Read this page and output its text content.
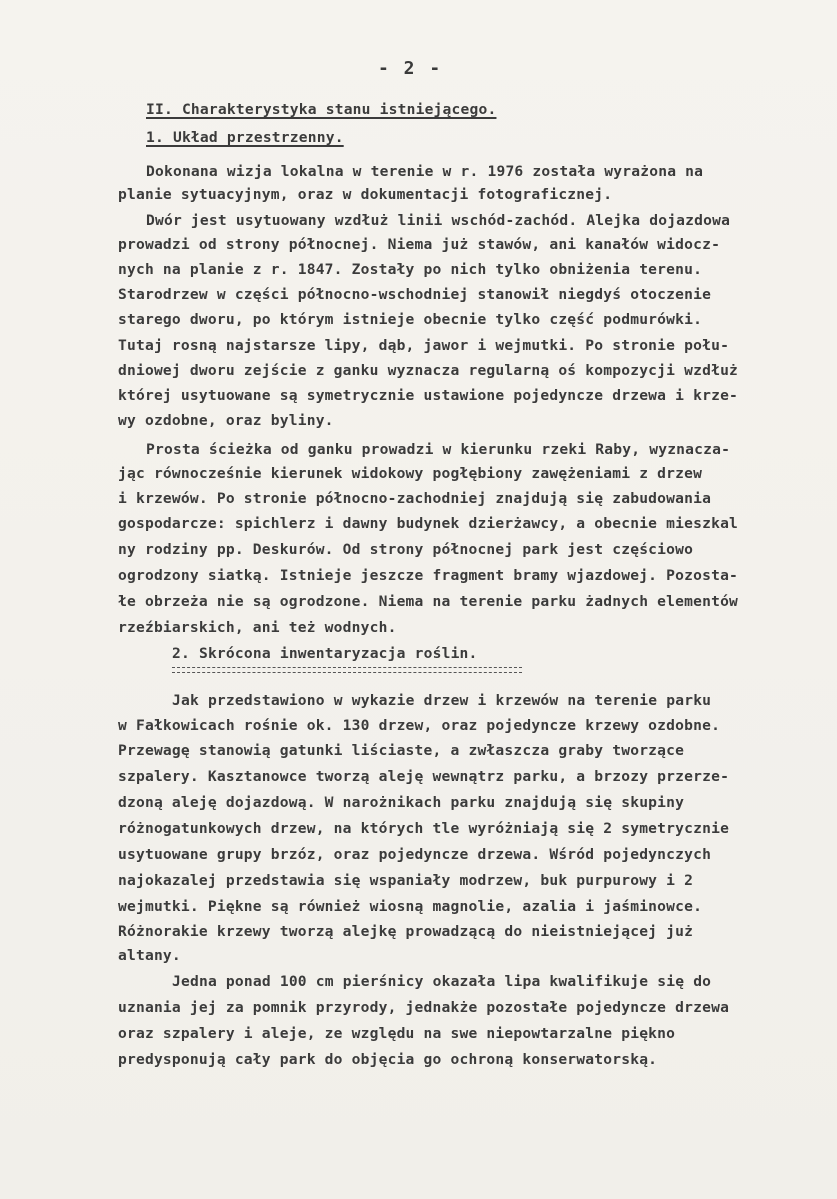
- 2 -
II. Charakterystyka stanu istniejącego.
1. Układ przestrzenny.
Dokonana wizja lokalna w terenie w r. 1976 została wyrażona na
planie sytuacyjnym, oraz w dokumentacji fotograficznej.
Dwór jest usytuowany wzdłuż linii wschód-zachód. Alejka dojazdowa
prowadzi od strony północnej. Niema już stawów, ani kanałów widocz-
nych na planie z r. 1847. Zostały po nich tylko obniżenia terenu.
Starodrzew w części północno-wschodniej stanowił niegdyś otoczenie
starego dworu, po którym istnieje obecnie tylko część podmurówki.
Tutaj rosną najstarsze lipy, dąb, jawor i wejmutki. Po stronie połu-
dniowej dworu zejście z ganku wyznacza regularną oś kompozycji wzdłuż
której usytuowane są symetrycznie ustawione pojedyncze drzewa i krze-
wy ozdobne, oraz byliny.
Prosta ścieżka od ganku prowadzi w kierunku rzeki Raby, wyznacza-
jąc równocześnie kierunek widokowy pogłębiony zawężeniami z drzew
i krzewów. Po stronie północno-zachodniej znajdują się zabudowania
gospodarcze: spichlerz i dawny budynek dzierżawcy, a obecnie mieszkal
ny rodziny pp. Deskurów. Od strony północnej park jest częściowo
ogrodzony siatką. Istnieje jeszcze fragment bramy wjazdowej. Pozosta-
łe obrzeża nie są ogrodzone. Niema na terenie parku żadnych elementów
rzeźbiarskich, ani też wodnych.
2. Skrócona inwentaryzacja roślin.
Jak przedstawiono w wykazie drzew i krzewów na terenie parku
w Fałkowicach rośnie ok. 130 drzew, oraz pojedyncze krzewy ozdobne.
Przewagę stanowią gatunki liściaste, a zwłaszcza graby tworzące
szpalery. Kasztanowce tworzą aleję wewnątrz parku, a brzozy przerze-
dzoną aleję dojazdową. W narożnikach parku znajdują się skupiny
różnogatunkowych drzew, na których tle wyróżniają się 2 symetrycznie
usytuowane grupy brzóz, oraz pojedyncze drzewa. Wśród pojedynczych
najokazalej przedstawia się wspaniały modrzew, buk purpurowy i 2
wejmutki. Piękne są również wiosną magnolie, azalia i jaśminowce.
Różnorakie krzewy tworzą alejkę prowadzącą do nieistniejącej już
altany.
Jedna ponad 100 cm pierśnicy okazała lipa kwalifikuje się do
uznania jej za pomnik przyrody, jednakże pozostałe pojedyncze drzewa
oraz szpalery i aleje, ze względu na swe niepowtarzalne piękno
predysponują cały park do objęcia go ochroną konserwatorską.
